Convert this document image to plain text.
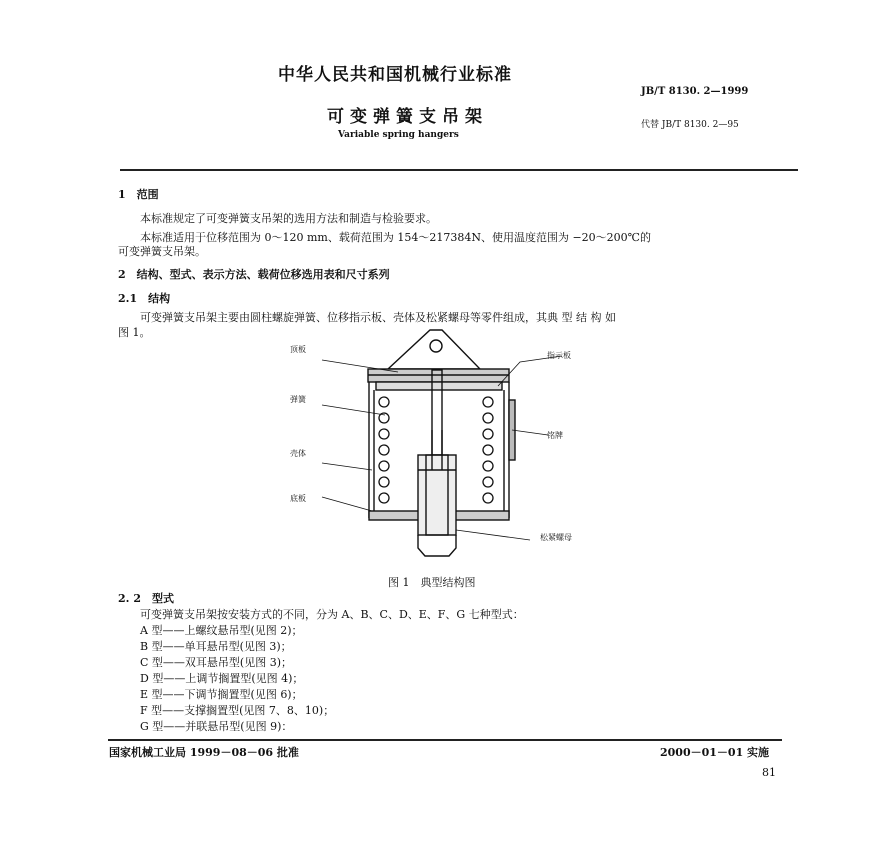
中华人民共和国机械行业标准
JB/T 8130. 2—1999
可变弹簧支吊架
Variable spring hangers
代替 JB/T 8130. 2—95
1　范围
本标准规定了可变弹簧支吊架的选用方法和制造与检验要求。
本标准适用于位移范围为 0～120 mm、载荷范围为 154～217384N、使用温度范围为 −20～200℃的
可变弹簧支吊架。
2　结构、型式、表示方法、载荷位移选用表和尺寸系列
2.1　结构
可变弹簧支吊架主要由圆柱螺旋弹簧、位移指示板、壳体及松紧螺母等零件组成，其典 型 结 构 如
图 1。
顶板
指示板
弹簧
铭牌
壳体
底板
松紧螺母
图 1　典型结构图
2. 2　型式
可变弹簧支吊架按安装方式的不同，分为 A、B、C、D、E、F、G 七种型式：
A 型——上螺纹悬吊型(见图 2)；
B 型——单耳悬吊型(见图 3)；
C 型——双耳悬吊型(见图 3)；
D 型——上调节搁置型(见图 4)；
E 型——下调节搁置型(见图 6)；
F 型——支撑搁置型(见图 7、8、10)；
G 型——并联悬吊型(见图 9)：
国家机械工业局 1999－08－06 批准	2000－01－01 实施
81
